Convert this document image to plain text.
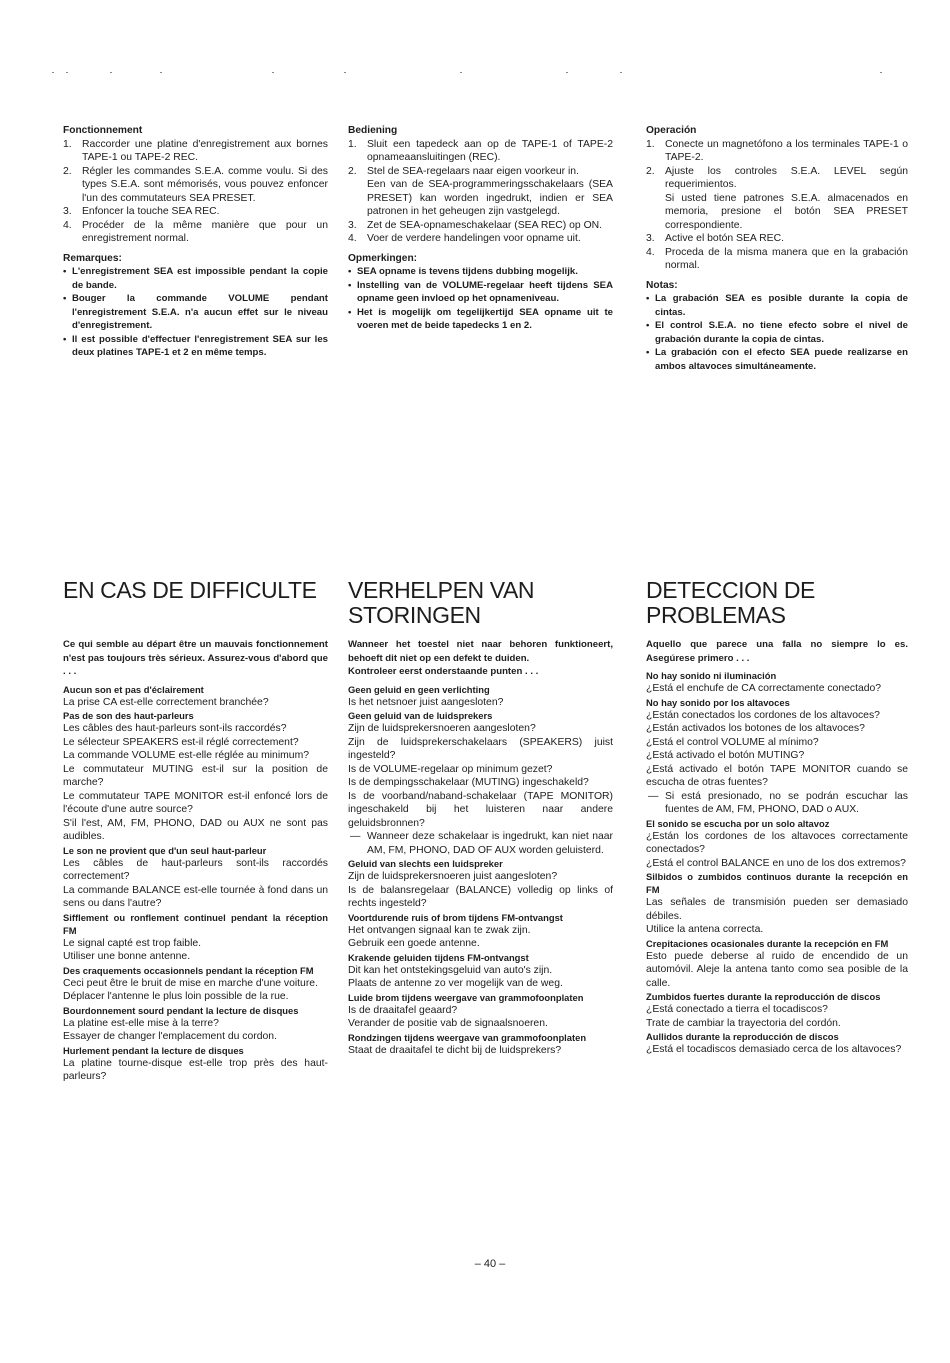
Fonctionnement

1. Raccorder une platine d'enregistrement aux bornes TAPE-1 ou TAPE-2 REC.
2. Régler les commandes S.E.A. comme voulu. Si des types S.E.A. sont mémorisés, vous pouvez enfoncer l'un des commutateurs SEA PRESET.
3. Enfoncer la touche SEA REC.
4. Procéder de la même manière que pour un enregistrement normal.

Remarques:

• L'enregistrement SEA est impossible pendant la copie de bande.
• Bouger la commande VOLUME pendant l'enregistrement S.E.A. n'a aucun effet sur le niveau d'enregistrement.
• Il est possible d'effectuer l'enregistrement SEA sur les deux platines TAPE-1 et 2 en même temps.

Bediening

1. Sluit een tapedeck aan op de TAPE-1 of TAPE-2 opnameaansluitingen (REC).
2. Stel de SEA-regelaars naar eigen voorkeur in.
Een van de SEA-programmeringsschakelaars (SEA PRESET) kan worden ingedrukt, indien er SEA patronen in het geheugen zijn vastgelegd.
3. Zet de SEA-opnameschakelaar (SEA REC) op ON.
4. Voer de verdere handelingen voor opname uit.

Opmerkingen:

• SEA opname is tevens tijdens dubbing mogelijk.
• Instelling van de VOLUME-regelaar heeft tijdens SEA opname geen invloed op het opnameniveau.
• Het is mogelijk om tegelijkertijd SEA opname uit te voeren met de beide tapedecks 1 en 2.

Operación

1. Conecte un magnetófono a los terminales TAPE-1 o TAPE-2.
2. Ajuste los controles S.E.A. LEVEL según requerimientos.
Si usted tiene patrones S.E.A. almacenados en memoria, presione el botón SEA PRESET correspondiente.
3. Active el botón SEA REC.
4. Proceda de la misma manera que en la grabación normal.

Notas:

• La grabación SEA es posible durante la copia de cintas.
• El control S.E.A. no tiene efecto sobre el nivel de grabación durante la copia de cintas.
• La grabación con el efecto SEA puede realizarse en ambos altavoces simultáneamente.
EN CAS DE DIFFICULTE	VERHELPEN VAN
STORINGEN
DETECCION DE
PROBLEMAS

Ce qui semble au départ être un mauvais fonctionnement n'est pas toujours très sérieux. Assurez-vous d'abord que . . .

Aucun son et pas d'éclairement

La prise CA est-elle correctement branchée?

Pas de son des haut-parleurs

Les câbles des haut-parleurs sont-ils raccordés?

Le sélecteur SPEAKERS est-il réglé correctement?

La commande VOLUME est-elle réglée au minimum?

Le commutateur MUTING est-il sur la position de marche?

Le commutateur TAPE MONITOR est-il enfoncé lors de l'écoute d'une autre source?

S'il l'est, AM, FM, PHONO, DAD ou AUX ne sont pas audibles.

Le son ne provient que d'un seul haut-parleur

Les câbles de haut-parleurs sont-ils raccordés correctement?

La commande BALANCE est-elle tournée à fond dans un sens ou dans l'autre?

Sifflement ou ronflement continuel pendant la réception FM

Le signal capté est trop faible.

Utiliser une bonne antenne.

Des craquements occasionnels pendant la réception FM

Ceci peut être le bruit de mise en marche d'une voiture.

Déplacer l'antenne le plus loin possible de la rue.

Bourdonnement sourd pendant la lecture de disques

La platine est-elle mise à la terre?

Essayer de changer l'emplacement du cordon.

Hurlement pendant la lecture de disques

La platine tourne-disque est-elle trop près des haut-parleurs?

Wanneer het toestel niet naar behoren funktioneert, behoeft dit niet op een defekt te duiden.

Kontroleer eerst onderstaande punten . . .

Geen geluid en geen verlichting

Is het netsnoer juist aangesloten?

Geen geluid van de luidsprekers

Zijn de luidsprekersnoeren aangesloten?

Zijn de luidsprekerschakelaars (SPEAKERS) juist ingesteld?

Is de VOLUME-regelaar op minimum gezet?

Is de dempingsschakelaar (MUTING) ingeschakeld?

Is de voorband/naband-schakelaar (TAPE MONITOR) ingeschakeld bij het luisteren naar andere geluidsbronnen?

— Wanneer deze schakelaar is ingedrukt, kan niet naar AM, FM, PHONO, DAD OF AUX worden geluisterd.

Geluid van slechts een luidspreker

Zijn de luidsprekersnoeren juist aangesloten?

Is de balansregelaar (BALANCE) volledig op links of rechts ingesteld?

Voortdurende ruis of brom tijdens FM-ontvangst

Het ontvangen signaal kan te zwak zijn.

Gebruik een goede antenne.

Krakende geluiden tijdens FM-ontvangst

Dit kan het ontstekingsgeluid van auto's zijn.

Plaats de antenne zo ver mogelijk van de weg.

Luide brom tijdens weergave van grammofoonplaten

Is de draaitafel geaard?

Verander de positie vab de signaalsnoeren.

Rondzingen tijdens weergave van grammofoonplaten

Staat de draaitafel te dicht bij de luidsprekers?

Aquello que parece una falla no siempre lo es. Asegúrese primero . . .

No hay sonido ni iluminación

¿Está el enchufe de CA correctamente conectado?

No hay sonido por los altavoces

¿Están conectados los cordones de los altavoces?

¿Están activados los botones de los altavoces?

¿Está el control VOLUME al mínimo?

¿Está activado el botón MUTING?

¿Está activado el botón TAPE MONITOR cuando se escucha de otras fuentes?

— Si está presionado, no se podrán escuchar las fuentes de AM, FM, PHONO, DAD o AUX.

El sonido se escucha por un solo altavoz

¿Están los cordones de los altavoces correctamente conectados?

¿Está el control BALANCE en uno de los dos extremos?

Silbidos o zumbidos continuos durante la recepción en FM

Las señales de transmisión pueden ser demasiado débiles.

Utilice la antena correcta.

Crepitaciones ocasionales durante la recepción en FM

Esto puede deberse al ruido de encendido de un automóvil. Aleje la antena tanto como sea posible de la calle.

Zumbidos fuertes durante la reproducción de discos

¿Está conectado a tierra el tocadiscos?

Trate de cambiar la trayectoria del cordón.

Aullidos durante la reproducción de discos

¿Está el tocadiscos demasiado cerca de los altavoces?

– 40 –
